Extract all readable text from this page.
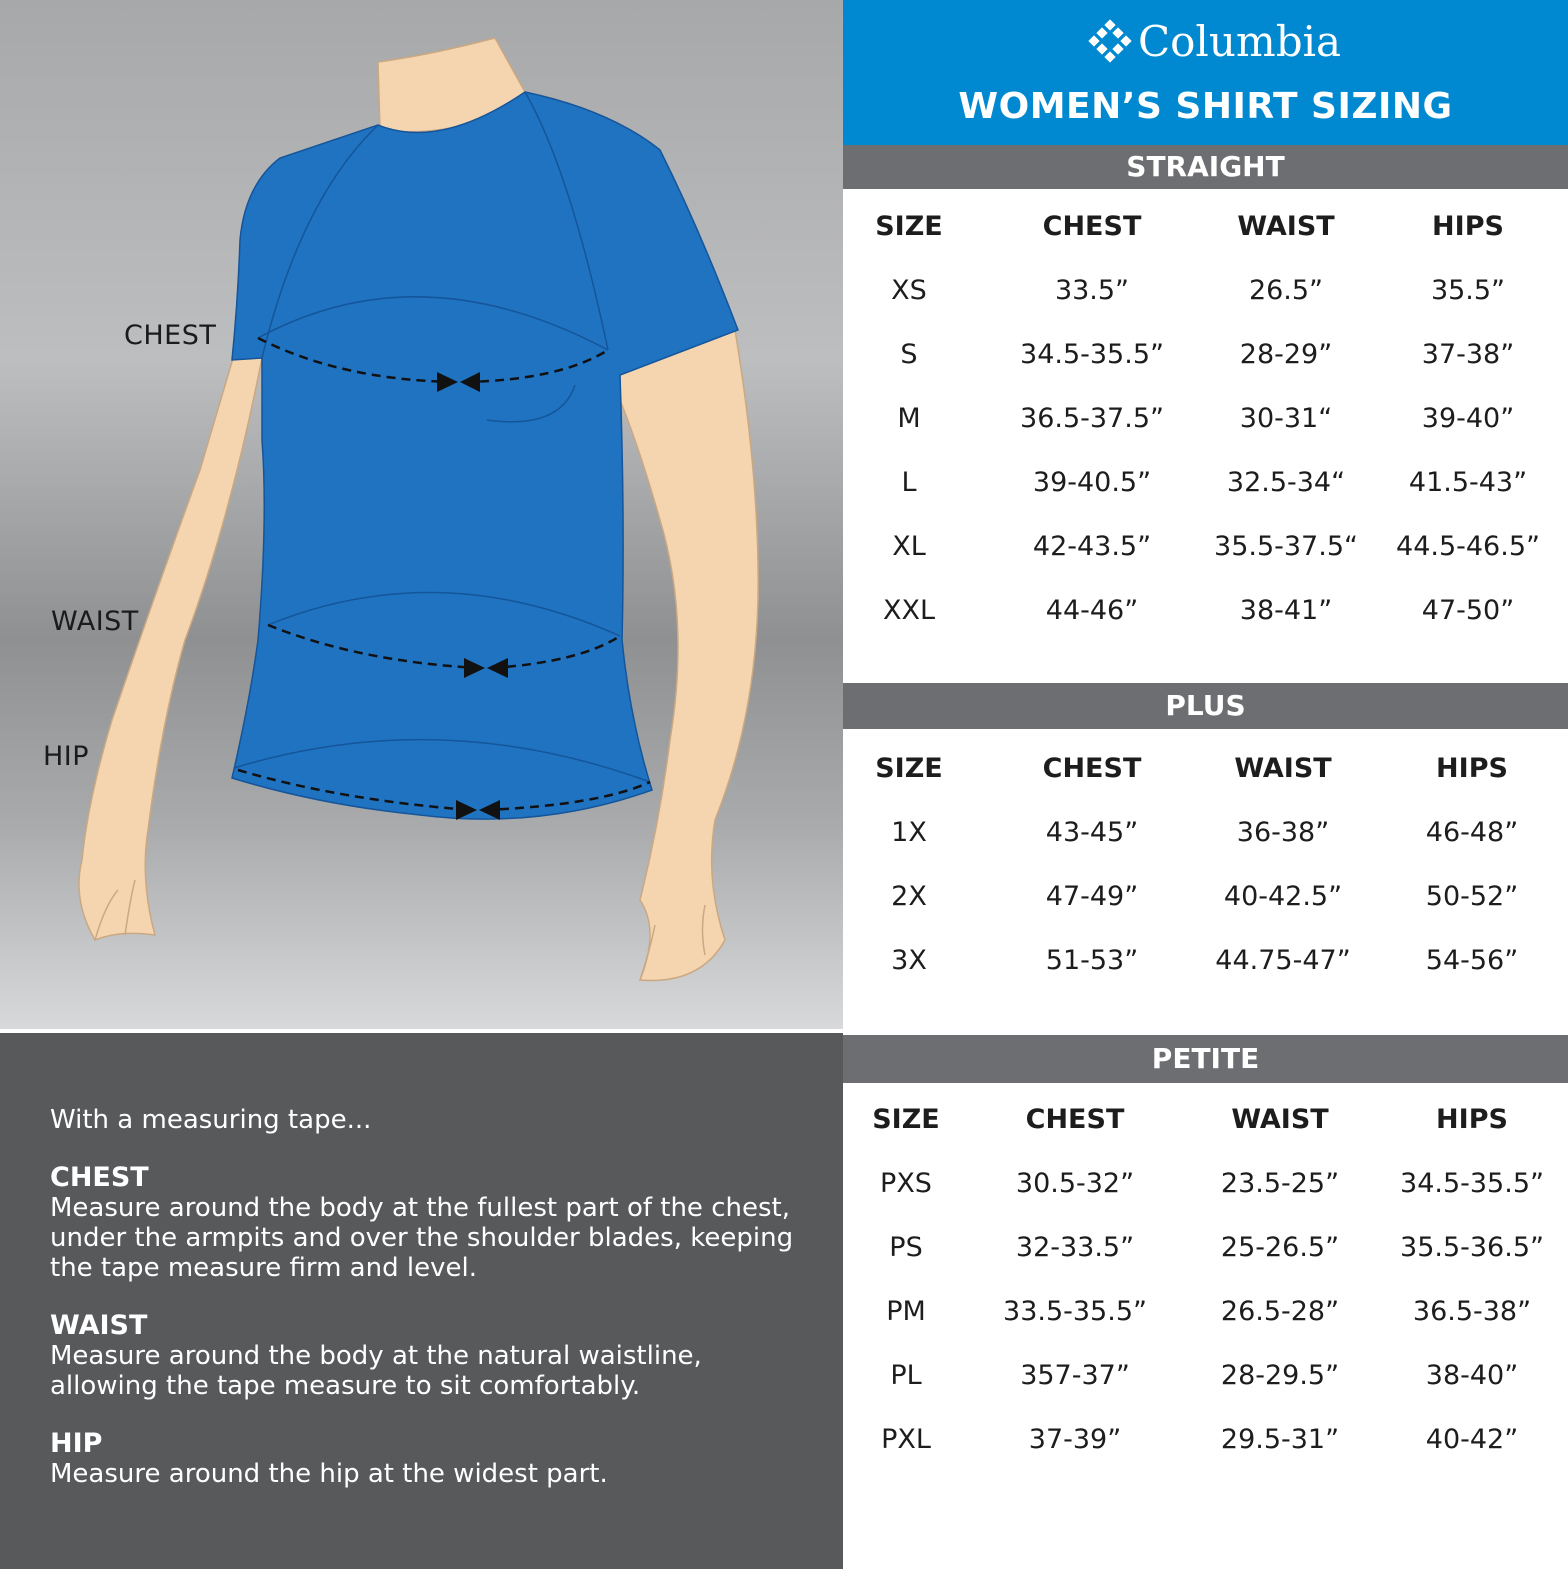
CHEST
WAIST
HIP
With a measuring tape...
CHEST

Measure around the body at the fullest part of the chest, under the armpits and over the shoulder blades, keeping the tape measure firm and level.

WAIST

Measure around the body at the natural waistline, allowing the tape measure to sit comfortably.

HIP

Measure around the hip at the widest part.

Columbia
WOMEN’S SHIRT SIZING
STRAIGHT
SIZE	CHEST	WAIST	HIPS
XS	33.5”	26.5”	35.5”
S	34.5-35.5”	28-29”	37-38”
M	36.5-37.5”	30-31“	39-40”
L	39-40.5”	32.5-34“	41.5-43”
XL	42-43.5”	35.5-37.5“	44.5-46.5”
XXL	44-46”	38-41”	47-50”
PLUS
SIZE	CHEST	WAIST	HIPS
1X	43-45”	36-38”	46-48”
2X	47-49”	40-42.5”	50-52”
3X	51-53”	44.75-47”	54-56”
PETITE
SIZE	CHEST	WAIST	HIPS
PXS	30.5-32”	23.5-25”	34.5-35.5”
PS	32-33.5”	25-26.5”	35.5-36.5”
PM	33.5-35.5”	26.5-28”	36.5-38”
PL	357-37”	28-29.5”	38-40”
PXL	37-39”	29.5-31”	40-42”
